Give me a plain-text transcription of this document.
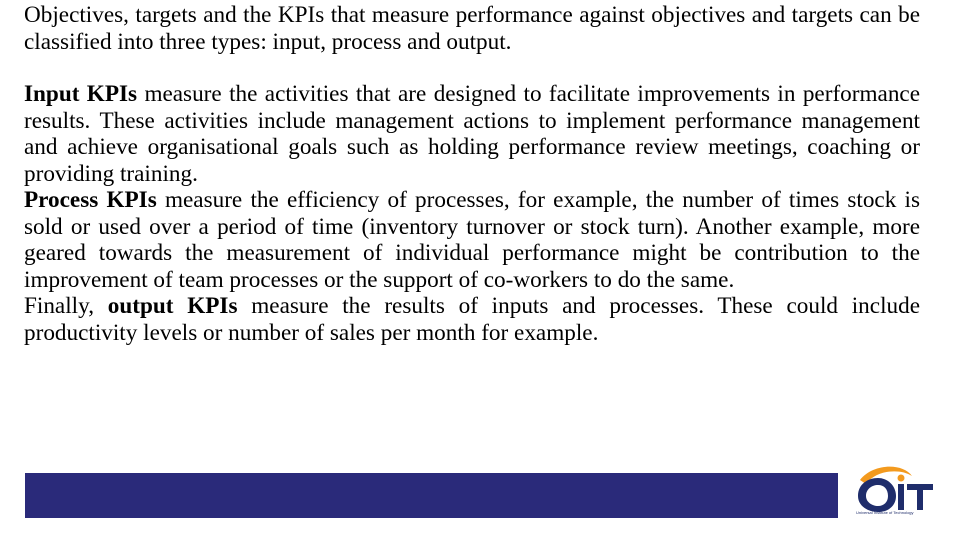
Objectives, targets and the KPIs that measure performance against objectives and targets can be classified into three types: input, process and output.

Input KPIs measure the activities that are designed to facilitate improvements in performance results. These activities include management actions to implement performance management and achieve organisational goals such as holding performance review meetings, coaching or providing training.

Process KPIs measure the efficiency of processes, for example, the number of times stock is sold or used over a period of time (inventory turnover or stock turn). Another example, more geared towards the measurement of individual performance might be contribution to the improvement of team processes or the support of co-workers to do the same.

Finally, output KPIs measure the results of inputs and processes. These could include productivity levels or number of sales per month for example.

Universal Institute of Technology
